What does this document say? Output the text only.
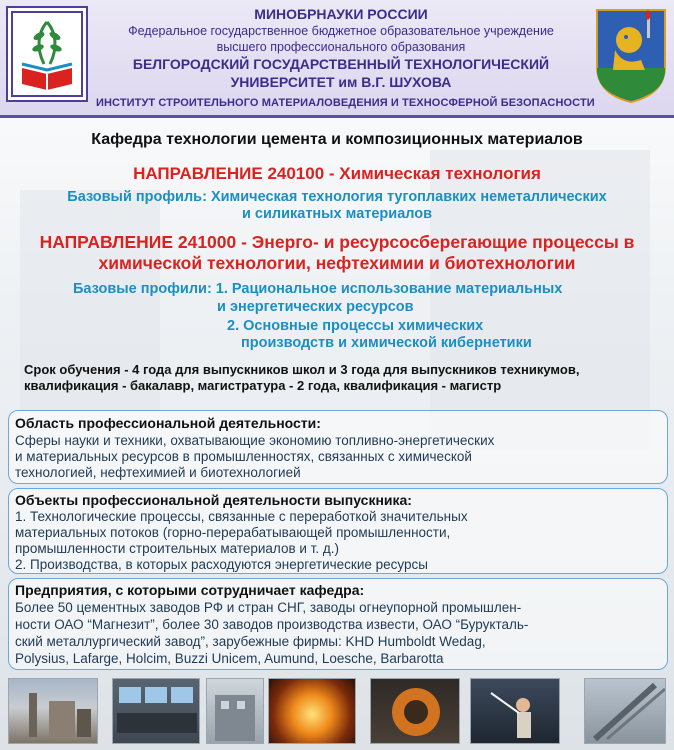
МИНОБРНАУКИ РОССИИ
Федеральное государственное бюджетное образовательное учреждение
высшего профессионального образования
БЕЛГОРОДСКИЙ ГОСУДАРСТВЕННЫЙ ТЕХНОЛОГИЧЕСКИЙ
УНИВЕРСИТЕТ им В.Г. ШУХОВА
ИНСТИТУТ СТРОИТЕЛЬНОГО МАТЕРИАЛОВЕДЕНИЯ И ТЕХНОСФЕРНОЙ БЕЗОПАСНОСТИ
Кафедра технологии цемента и композиционных материалов
НАПРАВЛЕНИЕ 240100 - Химическая технология
Базовый профиль: Химическая технология тугоплавких неметаллических
и силикатных материалов
НАПРАВЛЕНИЕ 241000 - Энерго- и ресурсосберегающие процессы в
химической технологии, нефтехимии и биотехнологии
Базовые профили: 1. Рациональное использование материальных
и энергетических ресурсов
2. Основные процессы химических
производств и химической кибернетики
Срок обучения - 4 года для выпускников школ и 3 года для выпускников техникумов,
квалификация - бакалавр, магистратура - 2 года, квалификация - магистр
Область профессиональной деятельности:
Сферы науки и техники, охватывающие экономию топливно-энергетических
и материальных ресурсов в промышленностях, связанных с химической
технологией, нефтехимией и биотехнологией
Объекты профессиональной деятельности выпускника:
1. Технологические процессы, связанные с переработкой значительных
материальных потоков (горно-перерабатывающей промышленности,
промышленности строительных материалов и т. д.)
2. Производства, в которых расходуются энергетические ресурсы
Предприятия, с которыми сотрудничает кафедра:
Более 50 цементных заводов РФ и стран СНГ, заводы огнеупорной промышлен-
ности ОАО “Магнезит”, более 30 заводов производства извести, ОАО “Бурукталь-
ский металлургический завод”, зарубежные фирмы: KHD Humboldt Wedag,
Polysius, Lafarge, Holcim, Buzzi Unicem, Aumund, Loesche, Barbarotta
